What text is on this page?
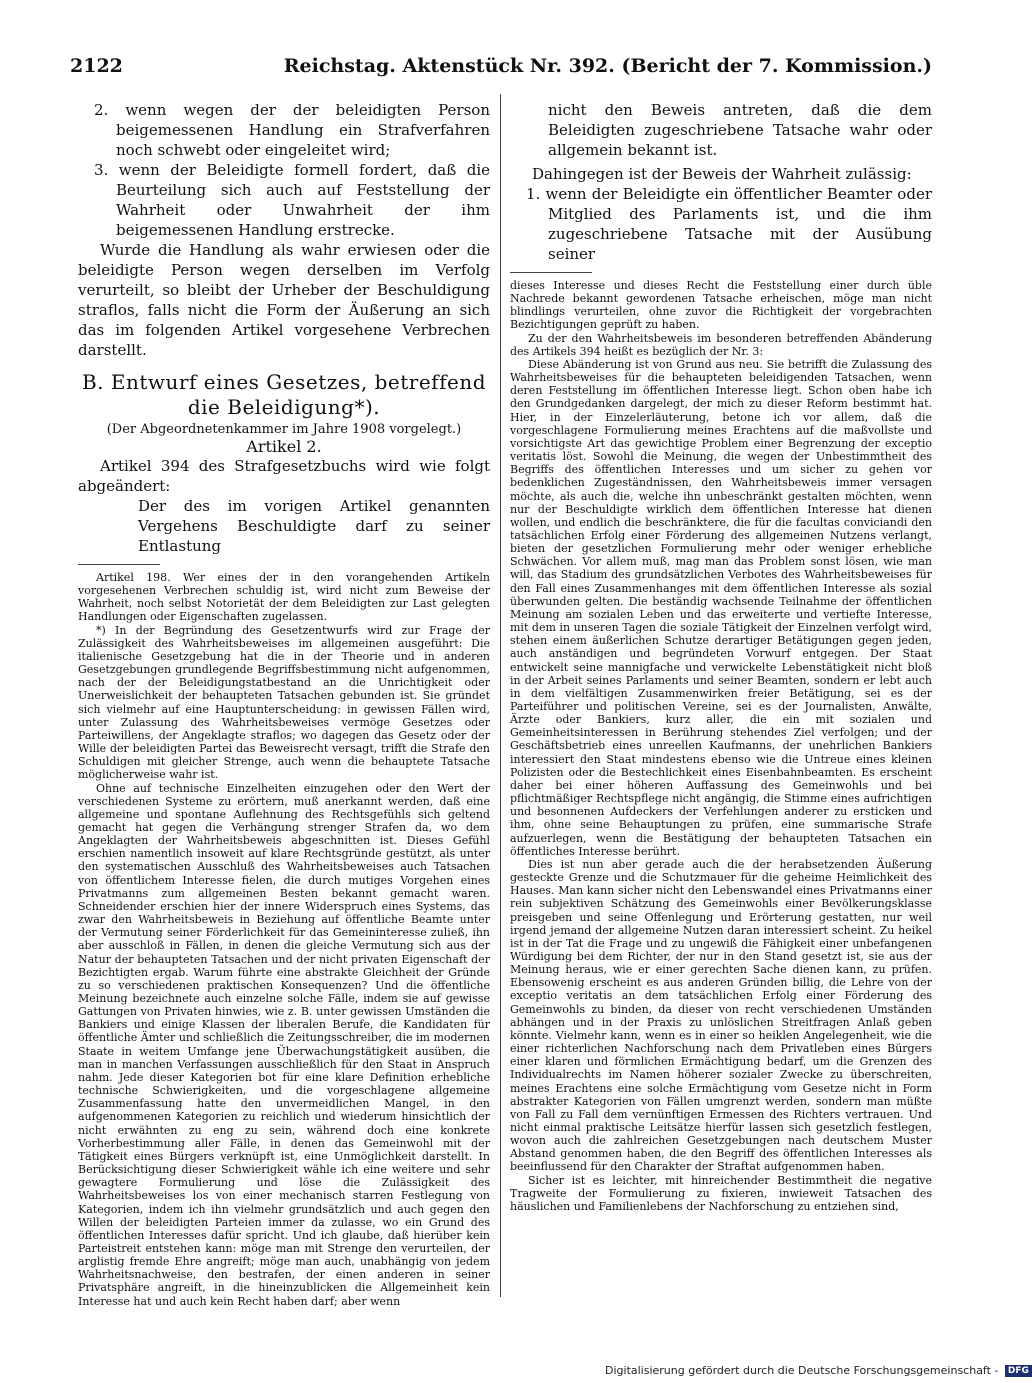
2122	Reichstag. Aktenstück Nr. 392. (Bericht der 7. Kommission.)

2. wenn wegen der der beleidigten Person beigemessenen Handlung ein Strafverfahren noch schwebt oder eingeleitet wird;

3. wenn der Beleidigte formell fordert, daß die Beurteilung sich auch auf Feststellung der Wahrheit oder Unwahrheit der ihm beigemessenen Handlung erstrecke.

Wurde die Handlung als wahr erwiesen oder die beleidigte Person wegen derselben im Verfolg verurteilt, so bleibt der Urheber der Beschuldigung straflos, falls nicht die Form der Äußerung an sich das im folgenden Artikel vorgesehene Verbrechen darstellt.

B. Entwurf eines Gesetzes, betreffend die Beleidigung*).

(Der Abgeordnetenkammer im Jahre 1908 vorgelegt.)

Artikel 2.

Artikel 394 des Strafgesetzbuchs wird wie folgt abgeändert:

Der des im vorigen Artikel genannten Vergehens Beschuldigte darf zu seiner Entlastung

Artikel 198. Wer eines der in den vorangehenden Artikeln vorgesehenen Verbrechen schuldig ist, wird nicht zum Beweise der Wahrheit, noch selbst Notorietät der dem Beleidigten zur Last gelegten Handlungen oder Eigenschaften zugelassen.

*) In der Begründung des Gesetzentwurfs wird zur Frage der Zulässigkeit des Wahrheitsbeweises im allgemeinen ausgeführt: Die italienische Gesetzgebung hat die in der Theorie und in anderen Gesetzgebungen grundlegende Begriffsbestimmung nicht aufgenommen, nach der der Beleidigungstatbestand an die Unrichtigkeit oder Unerweislichkeit der behaupteten Tatsachen gebunden ist. Sie gründet sich vielmehr auf eine Hauptunterscheidung: in gewissen Fällen wird, unter Zulassung des Wahrheitsbeweises vermöge Gesetzes oder Parteiwillens, der Angeklagte straflos; wo dagegen das Gesetz oder der Wille der beleidigten Partei das Beweisrecht versagt, trifft die Strafe den Schuldigen mit gleicher Strenge, auch wenn die behauptete Tatsache möglicherweise wahr ist.

Ohne auf technische Einzelheiten einzugehen oder den Wert der verschiedenen Systeme zu erörtern, muß anerkannt werden, daß eine allgemeine und spontane Auflehnung des Rechtsgefühls sich geltend gemacht hat gegen die Verhängung strenger Strafen da, wo dem Angeklagten der Wahrheitsbeweis abgeschnitten ist. Dieses Gefühl erschien namentlich insoweit auf klare Rechtsgründe gestützt, als unter den systematischen Ausschluß des Wahrheitsbeweises auch Tatsachen von öffentlichem Interesse fielen, die durch mutiges Vorgehen eines Privatmanns zum allgemeinen Besten bekannt gemacht waren. Schneidender erschien hier der innere Widerspruch eines Systems, das zwar den Wahrheitsbeweis in Beziehung auf öffentliche Beamte unter der Vermutung seiner Förderlichkeit für das Gemeininteresse zuließ, ihn aber ausschloß in Fällen, in denen die gleiche Vermutung sich aus der Natur der behaupteten Tatsachen und der nicht privaten Eigenschaft der Bezichtigten ergab. Warum führte eine abstrakte Gleichheit der Gründe zu so verschiedenen praktischen Konsequenzen? Und die öffentliche Meinung bezeichnete auch einzelne solche Fälle, indem sie auf gewisse Gattungen von Privaten hinwies, wie z. B. unter gewissen Umständen die Bankiers und einige Klassen der liberalen Berufe, die Kandidaten für öffentliche Ämter und schließlich die Zeitungsschreiber, die im modernen Staate in weitem Umfange jene Überwachungstätigkeit ausüben, die man in manchen Verfassungen ausschließlich für den Staat in Anspruch nahm. Jede dieser Kategorien bot für eine klare Definition erhebliche technische Schwierigkeiten, und die vorgeschlagene allgemeine Zusammenfassung hatte den unvermeidlichen Mangel, in den aufgenommenen Kategorien zu reichlich und wiederum hinsichtlich der nicht erwähnten zu eng zu sein, während doch eine konkrete Vorherbestimmung aller Fälle, in denen das Gemeinwohl mit der Tätigkeit eines Bürgers verknüpft ist, eine Unmöglichkeit darstellt. In Berücksichtigung dieser Schwierigkeit wähle ich eine weitere und sehr gewagtere Formulierung und löse die Zulässigkeit des Wahrheitsbeweises los von einer mechanisch starren Festlegung von Kategorien, indem ich ihn vielmehr grundsätzlich und auch gegen den Willen der beleidigten Parteien immer da zulasse, wo ein Grund des öffentlichen Interesses dafür spricht. Und ich glaube, daß hierüber kein Parteistreit entstehen kann: möge man mit Strenge den verurteilen, der arglistig fremde Ehre angreift; möge man auch, unabhängig von jedem Wahrheitsnachweise, den bestrafen, der einen anderen in seiner Privatsphäre angreift, in die hineinzublicken die Allgemeinheit kein Interesse hat und auch kein Recht haben darf; aber wenn

nicht den Beweis antreten, daß die dem Beleidigten zugeschriebene Tatsache wahr oder allgemein bekannt ist.

Dahingegen ist der Beweis der Wahrheit zulässig:

1. wenn der Beleidigte ein öffentlicher Beamter oder Mitglied des Parlaments ist, und die ihm zugeschriebene Tatsache mit der Ausübung seiner

dieses Interesse und dieses Recht die Feststellung einer durch üble Nachrede bekannt gewordenen Tatsache erheischen, möge man nicht blindlings verurteilen, ohne zuvor die Richtigkeit der vorgebrachten Bezichtigungen geprüft zu haben.

Zu der den Wahrheitsbeweis im besonderen betreffenden Abänderung des Artikels 394 heißt es bezüglich der Nr. 3:

Diese Abänderung ist von Grund aus neu. Sie betrifft die Zulassung des Wahrheitsbeweises für die behaupteten beleidigenden Tatsachen, wenn deren Feststellung im öffentlichen Interesse liegt. Schon oben habe ich den Grundgedanken dargelegt, der mich zu dieser Reform bestimmt hat. Hier, in der Einzelerläuterung, betone ich vor allem, daß die vorgeschlagene Formulierung meines Erachtens auf die maßvollste und vorsichtigste Art das gewichtige Problem einer Begrenzung der exceptio veritatis löst. Sowohl die Meinung, die wegen der Unbestimmtheit des Begriffs des öffentlichen Interesses und um sicher zu gehen vor bedenklichen Zugeständnissen, den Wahrheitsbeweis immer versagen möchte, als auch die, welche ihn unbeschränkt gestalten möchten, wenn nur der Beschuldigte wirklich dem öffentlichen Interesse hat dienen wollen, und endlich die beschränktere, die für die facultas conviciandi den tatsächlichen Erfolg einer Förderung des allgemeinen Nutzens verlangt, bieten der gesetzlichen Formulierung mehr oder weniger erhebliche Schwächen. Vor allem muß, mag man das Problem sonst lösen, wie man will, das Stadium des grundsätzlichen Verbotes des Wahrheitsbeweises für den Fall eines Zusammenhanges mit dem öffentlichen Interesse als sozial überwunden gelten. Die beständig wachsende Teilnahme der öffentlichen Meinung am sozialen Leben und das erweiterte und vertiefte Interesse, mit dem in unseren Tagen die soziale Tätigkeit der Einzelnen verfolgt wird, stehen einem äußerlichen Schutze derartiger Betätigungen gegen jeden, auch anständigen und begründeten Vorwurf entgegen. Der Staat entwickelt seine mannigfache und verwickelte Lebenstätigkeit nicht bloß in der Arbeit seines Parlaments und seiner Beamten, sondern er lebt auch in dem vielfältigen Zusammenwirken freier Betätigung, sei es der Parteiführer und politischen Vereine, sei es der Journalisten, Anwälte, Ärzte oder Bankiers, kurz aller, die ein mit sozialen und Gemeinheitsinteressen in Berührung stehendes Ziel verfolgen; und der Geschäftsbetrieb eines unreellen Kaufmanns, der unehrlichen Bankiers interessiert den Staat mindestens ebenso wie die Untreue eines kleinen Polizisten oder die Bestechlichkeit eines Eisenbahnbeamten. Es erscheint daher bei einer höheren Auffassung des Gemeinwohls und bei pflichtmäßiger Rechtspflege nicht angängig, die Stimme eines aufrichtigen und besonnenen Aufdeckers der Verfehlungen anderer zu ersticken und ihm, ohne seine Behauptungen zu prüfen, eine summarische Strafe aufzuerlegen, wenn die Bestätigung der behaupteten Tatsachen ein öffentliches Interesse berührt.

Dies ist nun aber gerade auch die der herabsetzenden Äußerung gesteckte Grenze und die Schutzmauer für die geheime Heimlichkeit des Hauses. Man kann sicher nicht den Lebenswandel eines Privatmanns einer rein subjektiven Schätzung des Gemeinwohls einer Bevölkerungsklasse preisgeben und seine Offenlegung und Erörterung gestatten, nur weil irgend jemand der allgemeine Nutzen daran interessiert scheint. Zu heikel ist in der Tat die Frage und zu ungewiß die Fähigkeit einer unbefangenen Würdigung bei dem Richter, der nur in den Stand gesetzt ist, sie aus der Meinung heraus, wie er einer gerechten Sache dienen kann, zu prüfen. Ebensowenig erscheint es aus anderen Gründen billig, die Lehre von der exceptio veritatis an dem tatsächlichen Erfolg einer Förderung des Gemeinwohls zu binden, da dieser von recht verschiedenen Umständen abhängen und in der Praxis zu unlöslichen Streitfragen Anlaß geben könnte. Vielmehr kann, wenn es in einer so heiklen Angelegenheit, wie die einer richterlichen Nachforschung nach dem Privatleben eines Bürgers einer klaren und förmlichen Ermächtigung bedarf, um die Grenzen des Individualrechts im Namen höherer sozialer Zwecke zu überschreiten, meines Erachtens eine solche Ermächtigung vom Gesetze nicht in Form abstrakter Kategorien von Fällen umgrenzt werden, sondern man müßte von Fall zu Fall dem vernünftigen Ermessen des Richters vertrauen. Und nicht einmal praktische Leitsätze hierfür lassen sich gesetzlich festlegen, wovon auch die zahlreichen Gesetzgebungen nach deutschem Muster Abstand genommen haben, die den Begriff des öffentlichen Interesses als beeinflussend für den Charakter der Straftat aufgenommen haben.

Sicher ist es leichter, mit hinreichender Bestimmtheit die negative Tragweite der Formulierung zu fixieren, inwieweit Tatsachen des häuslichen und Familienlebens der Nachforschung zu entziehen sind,

Digitalisierung gefördert durch die Deutsche Forschungsgemeinschaft - DFG
